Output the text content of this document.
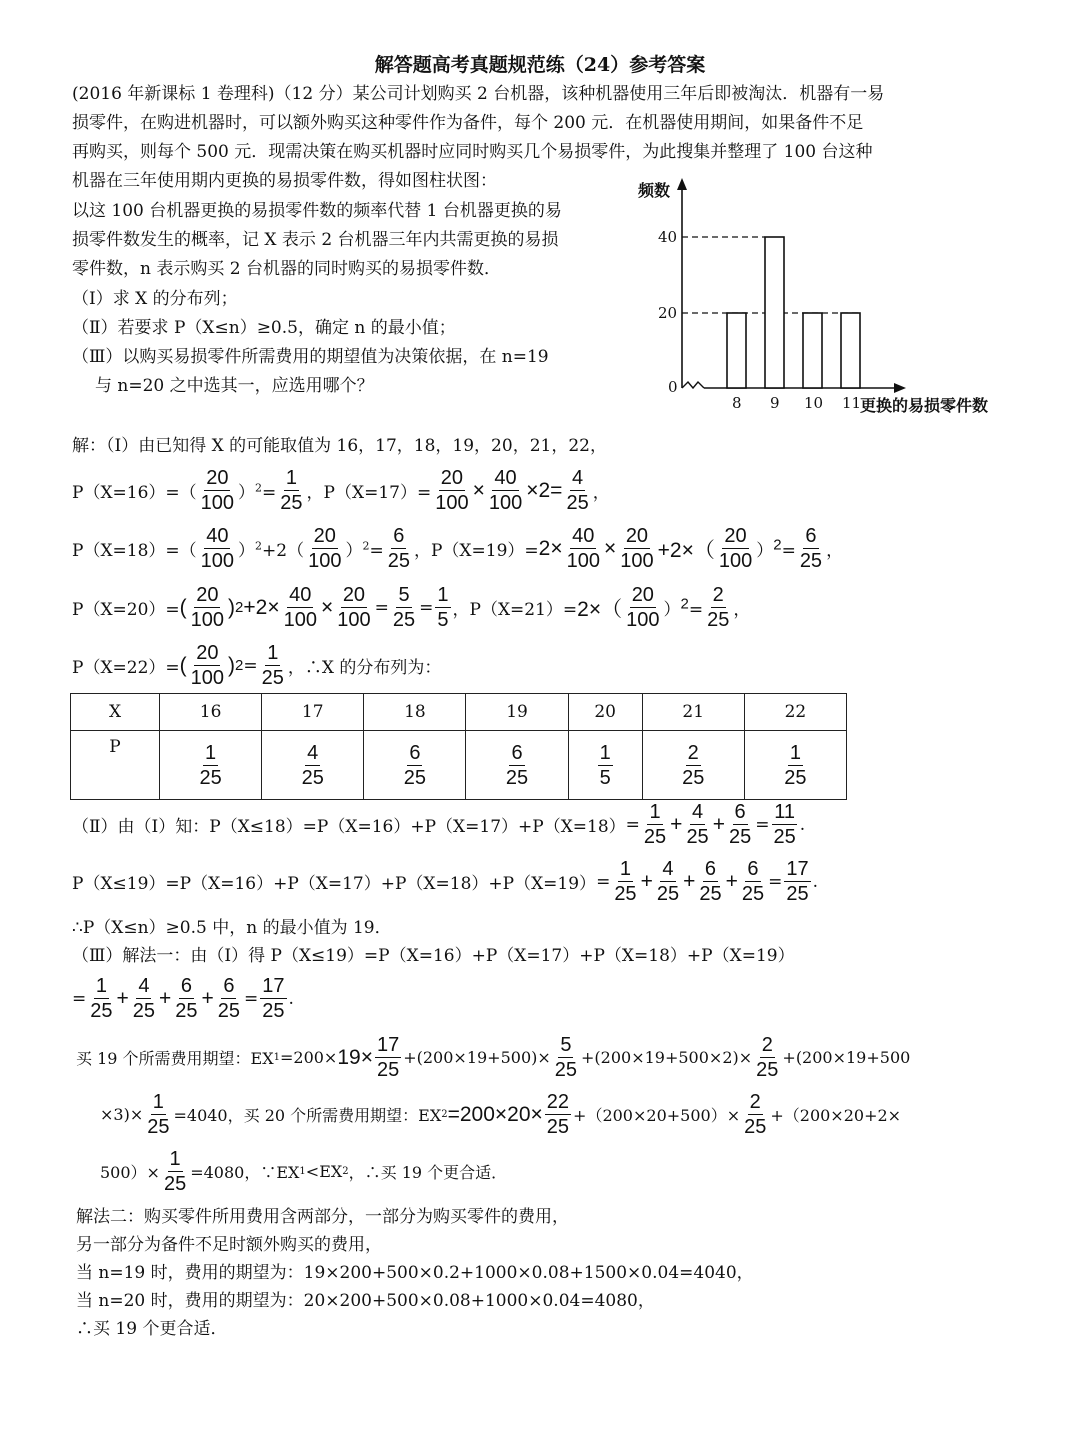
解答题高考真题规范练（24）参考答案
(2016 年新课标 1 卷理科)（12 分）某公司计划购买 2 台机器，该种机器使用三年后即被淘汰．机器有一易
损零件，在购进机器时，可以额外购买这种零件作为备件，每个 200 元．在机器使用期间，如果备件不足
再购买，则每个 500 元．现需决策在购买机器时应同时购买几个易损零件，为此搜集并整理了 100 台这种
机器在三年使用期内更换的易损零件数，得如图柱状图：
以这 100 台机器更换的易损零件数的频率代替 1 台机器更换的易
损零件数发生的概率，记 X 表示 2 台机器三年内共需更换的易损
零件数，n 表示购买 2 台机器的同时购买的易损零件数．
（Ⅰ）求 X 的分布列；
（Ⅱ）若要求 P（X≤n）≥0.5，确定 n 的最小值；
（Ⅲ）以购买易损零件所需费用的期望值为决策依据，在 n=19
与 n=20 之中选其一，应选用哪个？
频数
40
20
0
8 9 10 11
更换的易损零件数
解：（Ⅰ）由已知得 X 的可能取值为 16，17，18，19，20，21，22，
$P(X=16)=( \frac{20}{100} )^2= \frac{1}{25}$ ，$P(X=17)= \frac{20}{100} \times \frac{40}{100} \times 2= \frac{4}{25}$ ，
$P(X=18)=( \frac{40}{100} )^2+2( \frac{20}{100} )^2= \frac{6}{25}$ ，$P(X=19)= 2\times \frac{40}{100} \times \frac{20}{100} +2\times( \frac{20}{100} )2= \frac{6}{25}$ ，
P（X=20）= ( $\frac{20}{100}$ ) $2 +2\times \frac{40}{100} \times \frac{20}{100} = \frac{5}{25} = \frac{1}{5}$ ，$P(X=21)= 2\times( \frac{20}{100} )2= \frac{2}{25}$ ，
P（X=22）= ( $\frac{20}{100}$ ) $2 = \frac{1}{25}$ ，∴X 的分布列为：
X	16	17	18	19	20	21	22
P	$\frac{1}{25}$	$\frac{4}{25}$	$\frac{6}{25}$	$\frac{6}{25}$	$\frac{1}{5}$	$\frac{2}{25}$	$\frac{1}{25}$
（Ⅱ）由（Ⅰ）知：$P(X\le 18)=P(X=16)+P(X=17)+P(X=18) = \frac{1}{25} + \frac{4}{25} + \frac{6}{25} = \frac{11}{25}$ .
$P(X\le 19)=P(X=16)+P(X=17)+P(X=18)+P(X=19) = \frac{1}{25} + \frac{4}{25} + \frac{6}{25} + \frac{6}{25} = \frac{17}{25}$ .
∴P（X≤n）≥0.5 中，n 的最小值为 19．
（Ⅲ）解法一：由（Ⅰ）得 P（X≤19）=P（X=16）+P（X=17）+P（X=18）+P（X=19）
= $\frac{1}{25} + \frac{4}{25} + \frac{6}{25} + \frac{6}{25} = \frac{17}{25}$ .
买 19 个所需费用期望：EX $1 =200\times 19\times \frac{17}{25} +(200\times 19+500)\times \frac{5}{25} +(200\times 19+500\times 2)\times \frac{2}{25} +(200\times 19+500$
$\times 3)\times \frac{1}{25} =4040$，买 20 个所需费用期望：EX $2 =200\times 20\times \frac{22}{25} +(200\times 20+500)\times \frac{2}{25} +(200\times 20+2\times$
$500)\times \frac{1}{25} =4080$，∵EX 1 <EX 2 ，∴买 19 个更合适．
解法二：购买零件所用费用含两部分，一部分为购买零件的费用，
另一部分为备件不足时额外购买的费用，
当 n=19 时，费用的期望为：19×200+500×0.2+1000×0.08+1500×0.04=4040，
当 n=20 时，费用的期望为：20×200+500×0.08+1000×0.04=4080，
∴买 19 个更合适．
